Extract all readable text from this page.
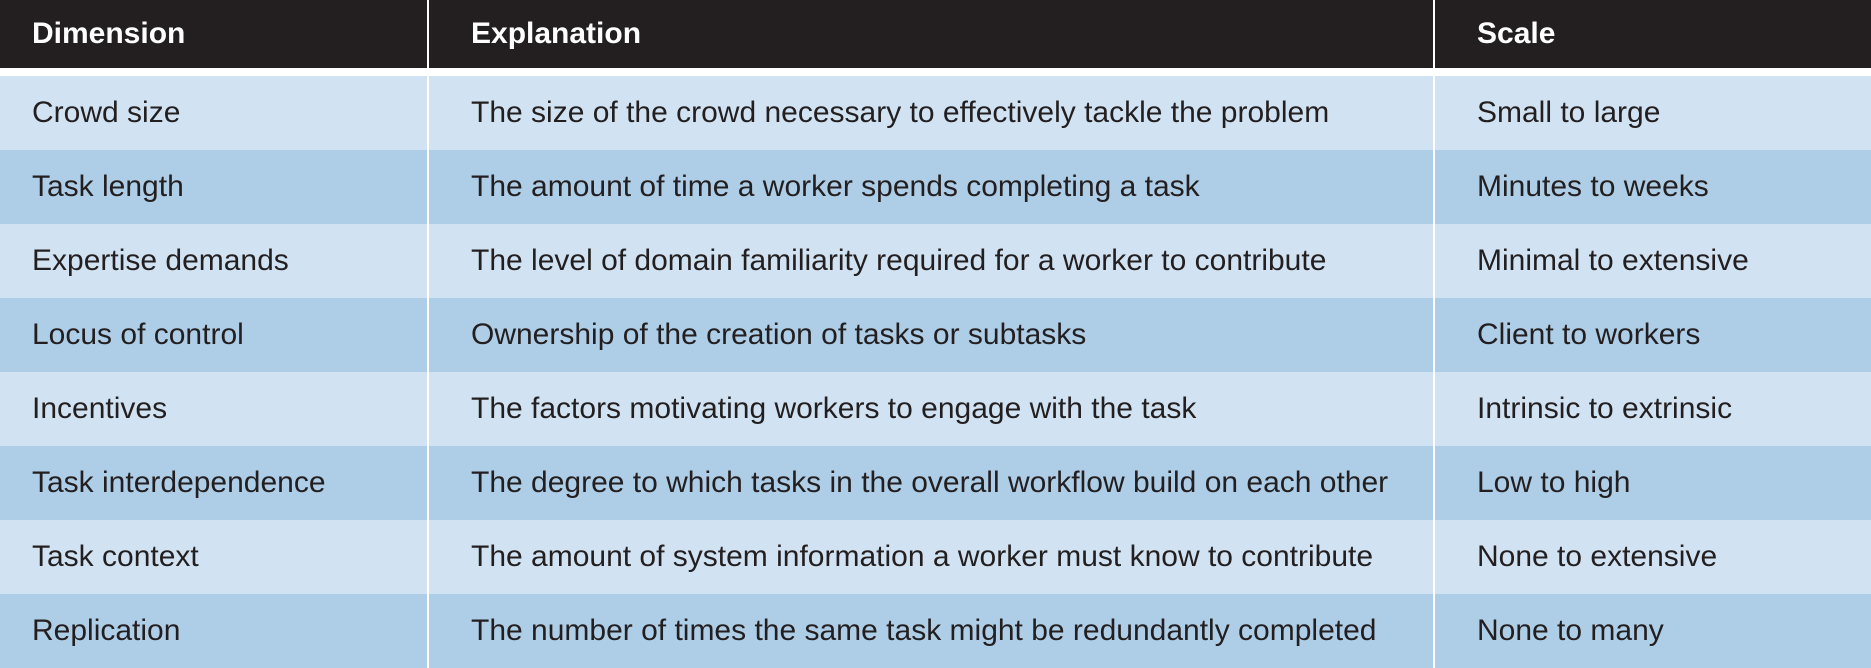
Dimension	Explanation	Scale
Crowd size	The size of the crowd necessary to effectively tackle the problem	Small to large
Task length	The amount of time a worker spends completing a task	Minutes to weeks
Expertise demands	The level of domain familiarity required for a worker to contribute	Minimal to extensive
Locus of control	Ownership of the creation of tasks or subtasks	Client to workers
Incentives	The factors motivating workers to engage with the task	Intrinsic to extrinsic
Task interdependence	The degree to which tasks in the overall workflow build on each other	Low to high
Task context	The amount of system information a worker must know to contribute	None to extensive
Replication	The number of times the same task might be redundantly completed	None to many
